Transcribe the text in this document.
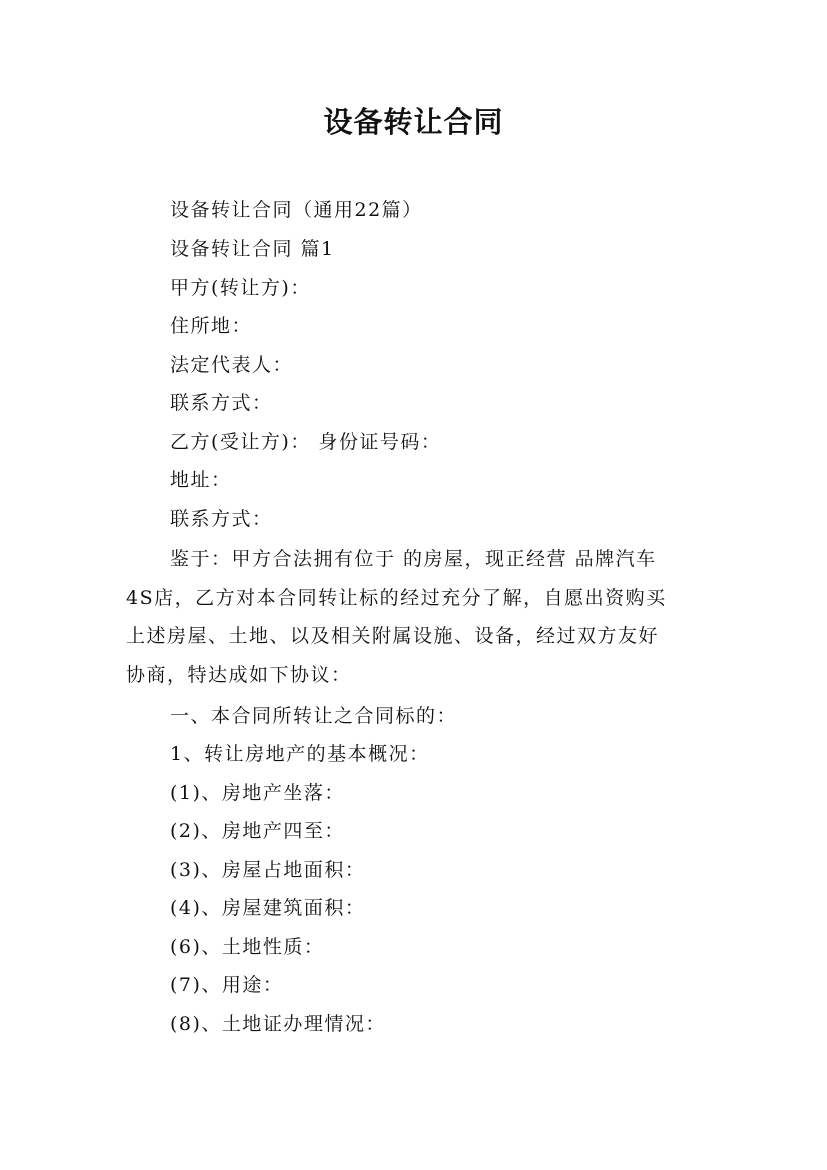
设备转让合同
设备转让合同（通用22篇）
设备转让合同 篇1
甲方(转让方)：
住所地：
法定代表人：
联系方式：
乙方(受让方)： 身份证号码：
地址：
联系方式：
鉴于：甲方合法拥有位于 的房屋，现正经营 品牌汽车
4S店，乙方对本合同转让标的经过充分了解，自愿出资购买
上述房屋、土地、以及相关附属设施、设备，经过双方友好
协商，特达成如下协议：
一、本合同所转让之合同标的：
1、转让房地产的基本概况：
(1)、房地产坐落：
(2)、房地产四至：
(3)、房屋占地面积：
(4)、房屋建筑面积：
(6)、土地性质：
(7)、用途：
(8)、土地证办理情况：
